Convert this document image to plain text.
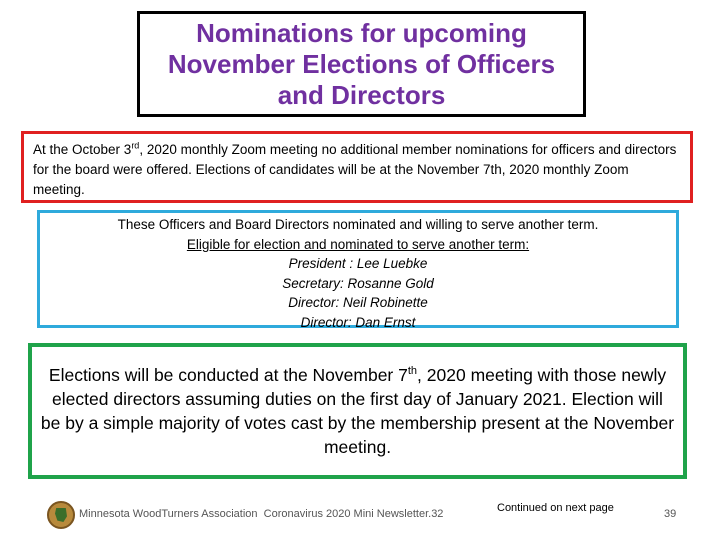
Nominations for upcoming
November Elections of Officers
and Directors
At the October 3rd, 2020 monthly Zoom meeting no additional member nominations for officers and directors for the board were offered. Elections of candidates will be at the November 7th, 2020 monthly Zoom meeting.
These Officers and Board Directors nominated and willing to serve another term.
Eligible for election and nominated to serve another term:
President : Lee Luebke
Secretary: Rosanne Gold
Director: Neil Robinette
Director: Dan Ernst
Elections will be conducted at the November 7th, 2020 meeting with those newly elected directors assuming duties on the first day of January 2021. Election will be by a simple majority of votes cast by the membership present at the November meeting.
Minnesota WoodTurners Association Coronavirus 2020 Mini Newsletter.32	Continued on next page	39
